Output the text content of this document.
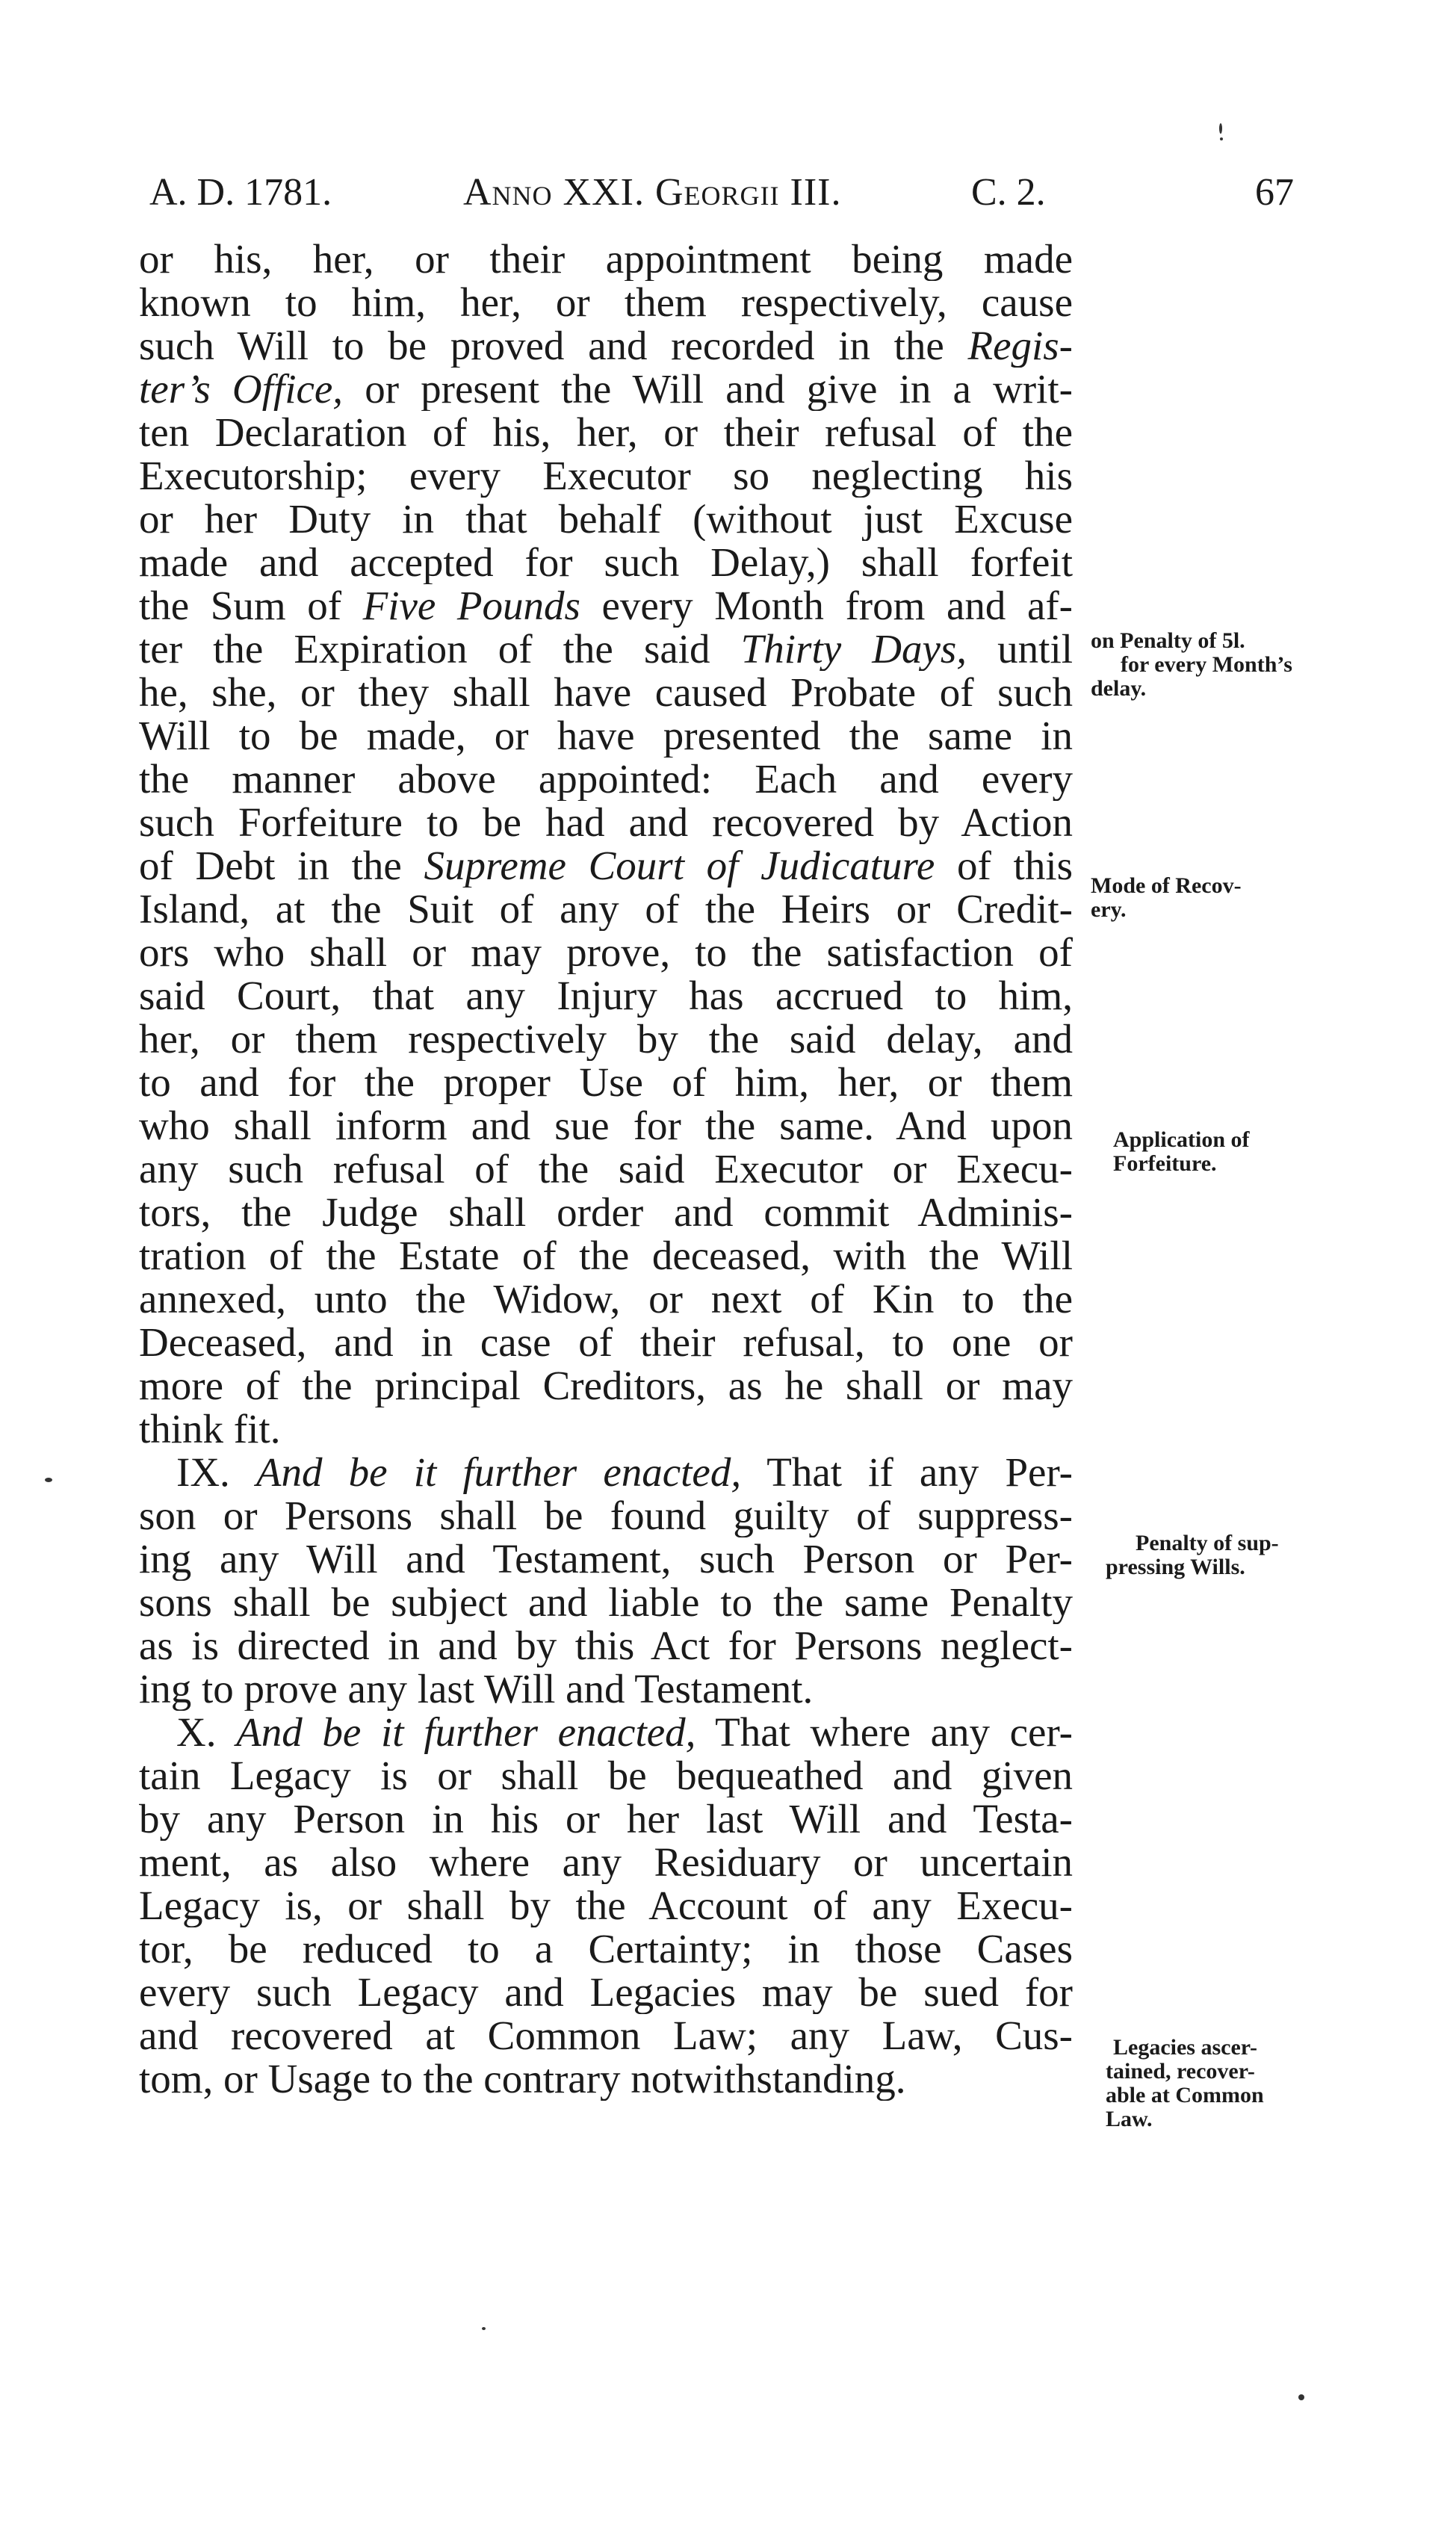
A. D. 1781.	Anno XXI. Georgii III.	C. 2.	67
or his, her, or their appointment being made
known to him, her, or them respectively, cause
such Will to be proved and recorded in the Regis-
ter’s Office, or present the Will and give in a writ-
ten Declaration of his, her, or their refusal of the
Executorship; every Executor so neglecting his
or her Duty in that behalf (without just Excuse
made and accepted for such Delay,) shall forfeit
the Sum of Five Pounds every Month from and af-
ter the Expiration of the said Thirty Days, until
he, she, or they shall have caused Probate of such
Will to be made, or have presented the same in
the manner above appointed: Each and every
such Forfeiture to be had and recovered by Action
of Debt in the Supreme Court of Judicature of this
Island, at the Suit of any of the Heirs or Credit-
ors who shall or may prove, to the satisfaction of
said Court, that any Injury has accrued to him,
her, or them respectively by the said delay, and
to and for the proper Use of him, her, or them
who shall inform and sue for the same. And upon
any such refusal of the said Executor or Execu-
tors, the Judge shall order and commit Adminis-
tration of the Estate of the deceased, with the Will
annexed, unto the Widow, or next of Kin to the
Deceased, and in case of their refusal, to one or
more of the principal Creditors, as he shall or may
think fit.
IX. And be it further enacted, That if any Per-
son or Persons shall be found guilty of suppress-
ing any Will and Testament, such Person or Per-
sons shall be subject and liable to the same Penalty
as is directed in and by this Act for Persons neglect-
ing to prove any last Will and Testament.
X. And be it further enacted, That where any cer-
tain Legacy is or shall be bequeathed and given
by any Person in his or her last Will and Testa-
ment, as also where any Residuary or uncertain
Legacy is, or shall by the Account of any Execu-
tor, be reduced to a Certainty; in those Cases
every such Legacy and Legacies may be sued for
and recovered at Common Law; any Law, Cus-
tom, or Usage to the contrary notwithstanding.
on Penalty of 5l.
for every Month’s
delay.
Mode of Recov-
ery.
Application of
Forfeiture.
Penalty of sup-
pressing Wills.
Legacies ascer-
tained, recover-
able at Common
Law.
